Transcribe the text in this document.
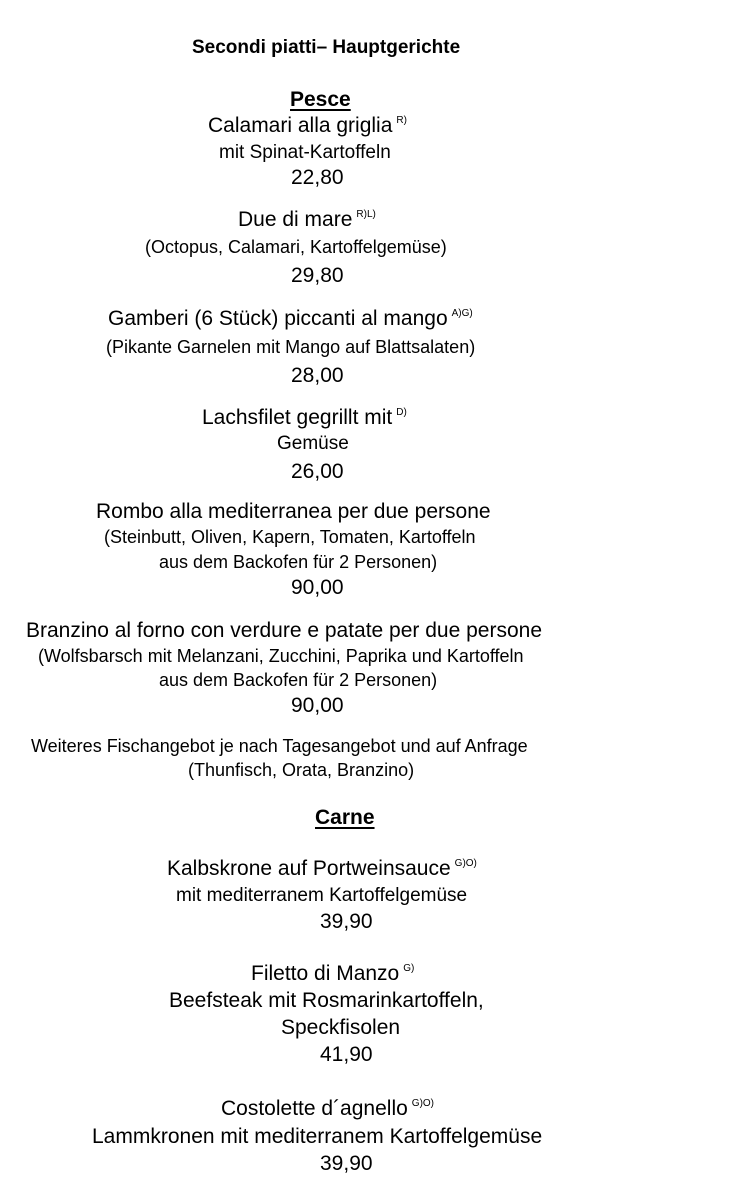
Secondi piatti– Hauptgerichte
Pesce
Calamari alla griglia $^{R)}$
mit Spinat-Kartoffeln
22,80
Due di mare $^{R)L)}$
(Octopus, Calamari, Kartoffelgemüse)
29,80
Gamberi (6 Stück) piccanti al mango $^{A)G)}$
(Pikante Garnelen mit Mango auf Blattsalaten)
28,00
Lachsfilet gegrillt mit $^{D)}$
Gemüse
26,00
Rombo alla mediterranea per due persone
(Steinbutt, Oliven, Kapern, Tomaten, Kartoffeln
aus dem Backofen für 2 Personen)
90,00
Branzino al forno con verdure e patate per due persone
(Wolfsbarsch mit Melanzani, Zucchini, Paprika und Kartoffeln
aus dem Backofen für 2 Personen)
90,00
Weiteres Fischangebot je nach Tagesangebot und auf Anfrage
(Thunfisch, Orata, Branzino)
Carne
Kalbskrone auf Portweinsauce $^{G)O)}$
mit mediterranem Kartoffelgemüse
39,90
Filetto di Manzo $^{G)}$
Beefsteak mit Rosmarinkartoffeln,
Speckfisolen
41,90
Costolette d´agnello $^{G)O)}$
Lammkronen mit mediterranem Kartoffelgemüse
39,90
